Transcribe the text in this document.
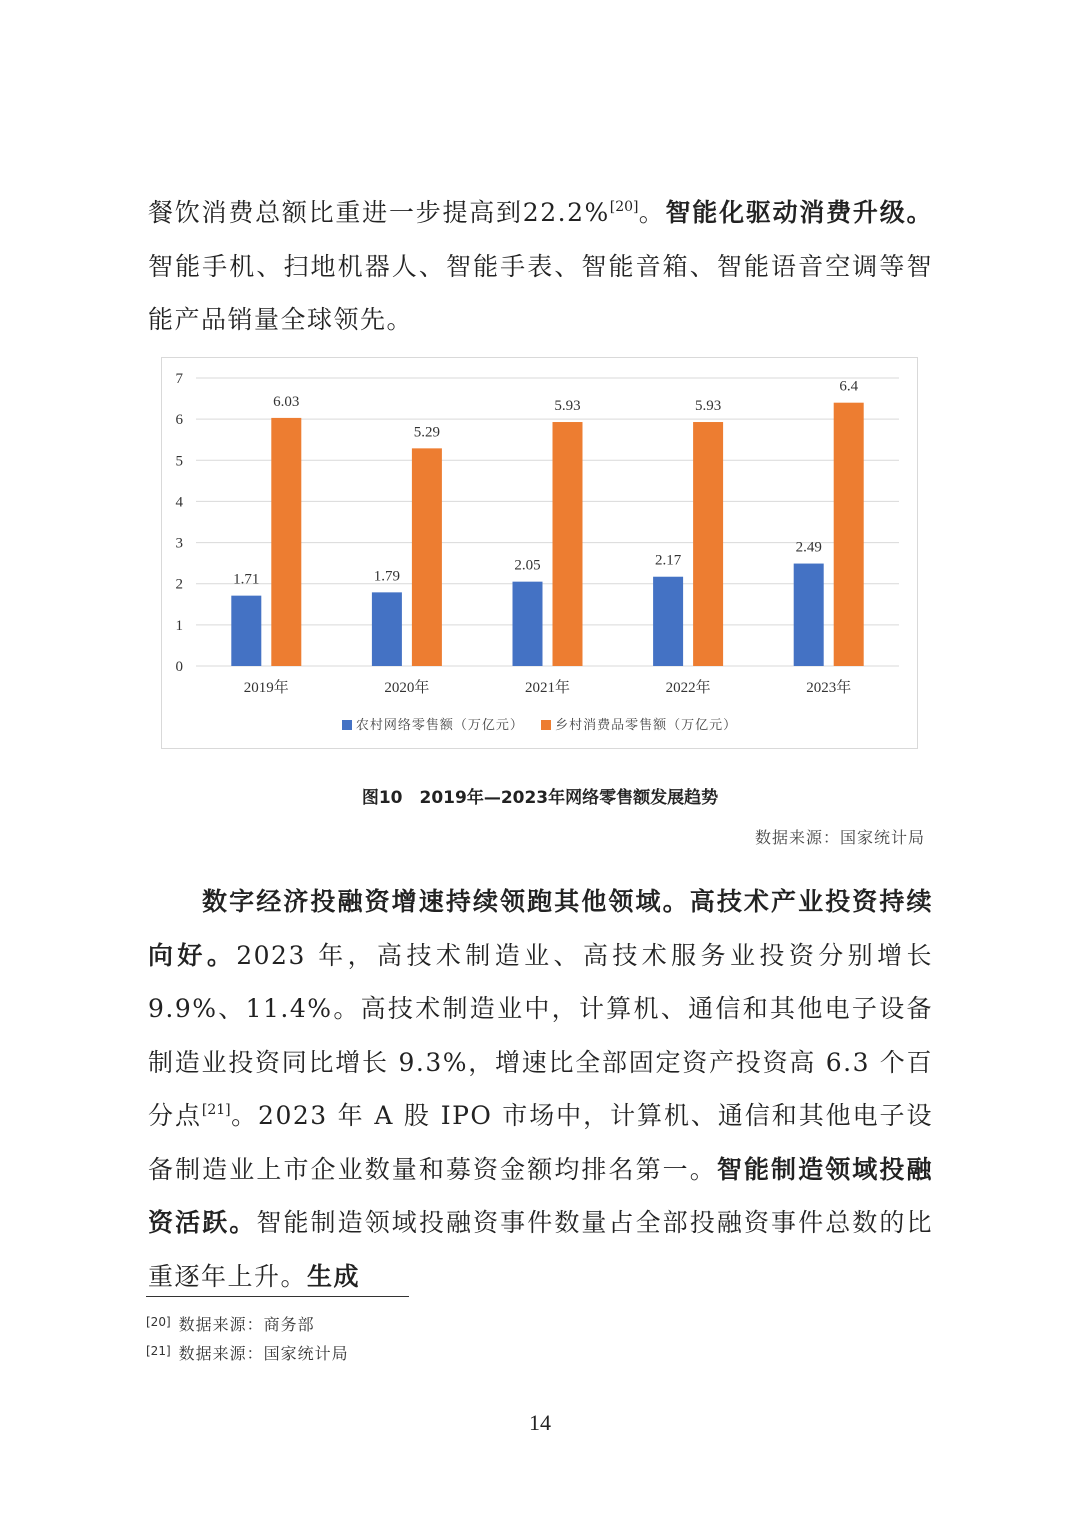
餐饮消费总额比重进一步提高到22.2%[20]。智能化驱动消费升级。智能手机、扫地机器人、智能手表、智能音箱、智能语音空调等智能产品销量全球领先。
0
1
2
3
4
5
6
7
1.71
6.03
2019年
1.79
5.29
2020年
2.05
5.93
2021年
2.17
5.93
2022年
2.49
6.4
2023年
农村网络零售额（万亿元） 乡村消费品零售额（万亿元）
图10　2019年—2023年网络零售额发展趋势
数据来源：国家统计局
数字经济投融资增速持续领跑其他领域。高技术产业投资持续向好。2023 年，高技术制造业、高技术服务业投资分别增长 9.9%、11.4%。高技术制造业中，计算机、通信和其他电子设备制造业投资同比增长 9.3%，增速比全部固定资产投资高 6.3 个百分点[21]。2023 年 A 股 IPO 市场中，计算机、通信和其他电子设备制造业上市企业数量和募资金额均排名第一。智能制造领域投融资活跃。智能制造领域投融资事件数量占全部投融资事件总数的比重逐年上升。生成
[20] 数据来源：商务部
[21] 数据来源：国家统计局
14
